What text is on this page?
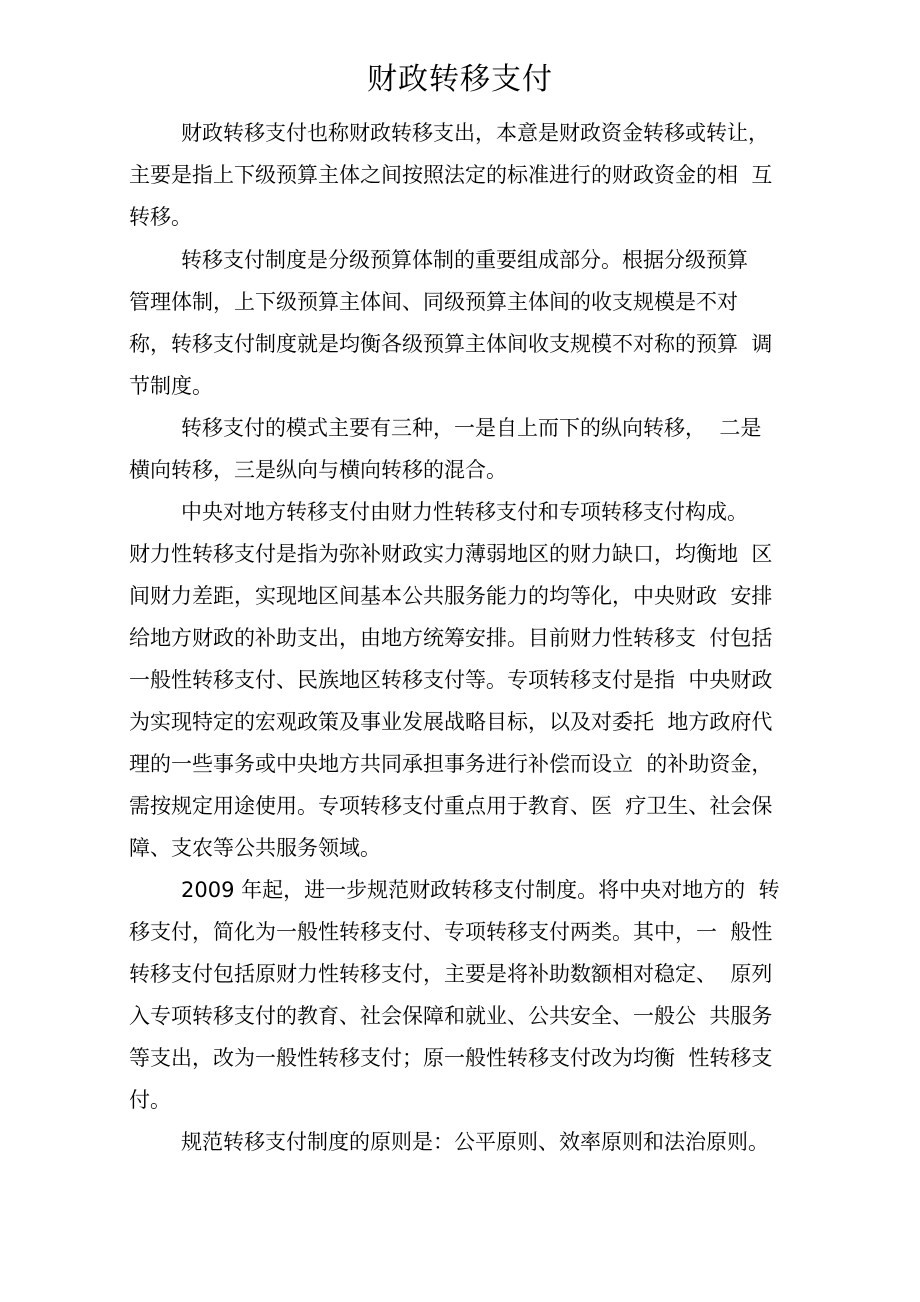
财政转移支付
财政转移支付也称财政转移支出，本意是财政资金转移或转让，
主要是指上下级预算主体之间按照法定的标准进行的财政资金的相  互
转移。
转移支付制度是分级预算体制的重要组成部分。根据分级预算
管理体制，上下级预算主体间、同级预算主体间的收支规模是不对
称，转移支付制度就是均衡各级预算主体间收支规模不对称的预算  调
节制度。
转移支付的模式主要有三种，一是自上而下的纵向转移，  二是
横向转移，三是纵向与横向转移的混合。
中央对地方转移支付由财力性转移支付和专项转移支付构成。
财力性转移支付是指为弥补财政实力薄弱地区的财力缺口，均衡地  区
间财力差距，实现地区间基本公共服务能力的均等化，中央财政  安排
给地方财政的补助支出，由地方统筹安排。目前财力性转移支  付包括
一般性转移支付、民族地区转移支付等。专项转移支付是指  中央财政
为实现特定的宏观政策及事业发展战略目标，以及对委托  地方政府代
理的一些事务或中央地方共同承担事务进行补偿而设立  的补助资金，
需按规定用途使用。专项转移支付重点用于教育、医  疗卫生、社会保
障、支农等公共服务领域。
2009 年起，进一步规范财政转移支付制度。将中央对地方的  转
移支付，简化为一般性转移支付、专项转移支付两类。其中，一  般性
转移支付包括原财力性转移支付，主要是将补助数额相对稳定、  原列
入专项转移支付的教育、社会保障和就业、公共安全、一般公  共服务
等支出，改为一般性转移支付；原一般性转移支付改为均衡  性转移支
付。
规范转移支付制度的原则是：公平原则、效率原则和法治原则。
